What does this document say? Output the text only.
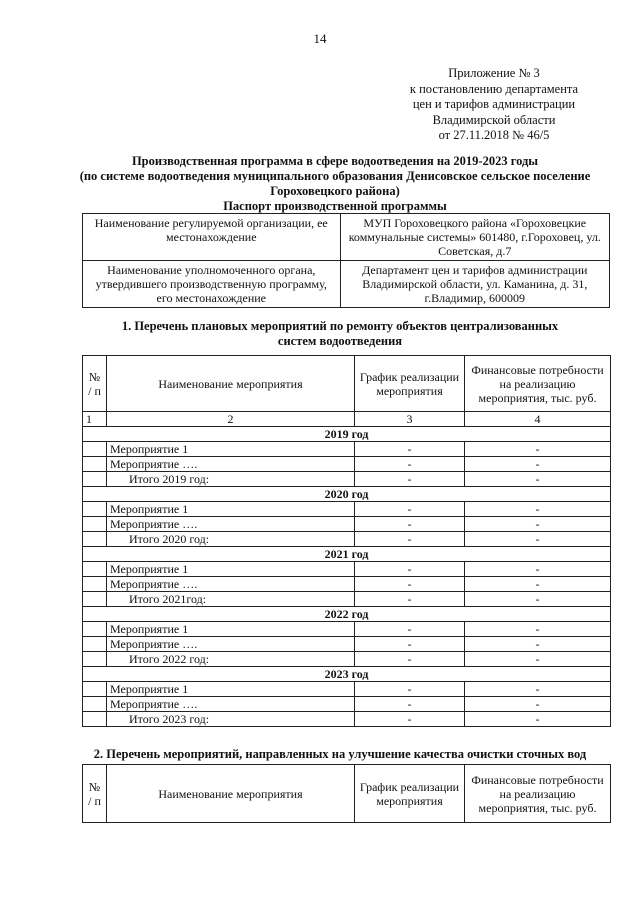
14
Приложение № 3
к постановлению департамента
цен и тарифов администрации
Владимирской области
от 27.11.2018 № 46/5
Производственная программа в сфере водоотведения на 2019-2023 годы
(по системе водоотведения муниципального образования Денисовское сельское поселение
Гороховецкого района)
Паспорт производственной программы
Наименование регулируемой организации, ее местонахождение	МУП Гороховецкого района «Гороховецкие коммунальные системы» 601480, г.Гороховец, ул. Советская, д.7
Наименование уполномоченного органа, утвердившего производственную программу, его местонахождение	Департамент цен и тарифов администрации Владимирской области, ул. Каманина, д. 31, г.Владимир, 600009
1. Перечень плановых мероприятий по ремонту объектов централизованных
систем водоотведения
№ / п	Наименование мероприятия	График реализации мероприятия	Финансовые потребности на реализацию мероприятия, тыс. руб.
1	2	3	4
2019 год			
	Мероприятие 1	-	-
	Мероприятие ….	-	-
	Итого 2019 год:	-	-
2020 год			
	Мероприятие 1	-	-
	Мероприятие ….	-	-
	Итого 2020 год:	-	-
2021 год			
	Мероприятие 1	-	-
	Мероприятие ….	-	-
	Итого 2021год:	-	-
2022 год			
	Мероприятие 1	-	-
	Мероприятие ….	-	-
	Итого 2022 год:	-	-
2023 год			
	Мероприятие 1	-	-
	Мероприятие ….	-	-
	Итого 2023 год:	-	-
2. Перечень мероприятий, направленных на улучшение качества очистки сточных вод
№ / п	Наименование мероприятия	График реализации мероприятия	Финансовые потребности на реализацию мероприятия, тыс. руб.
